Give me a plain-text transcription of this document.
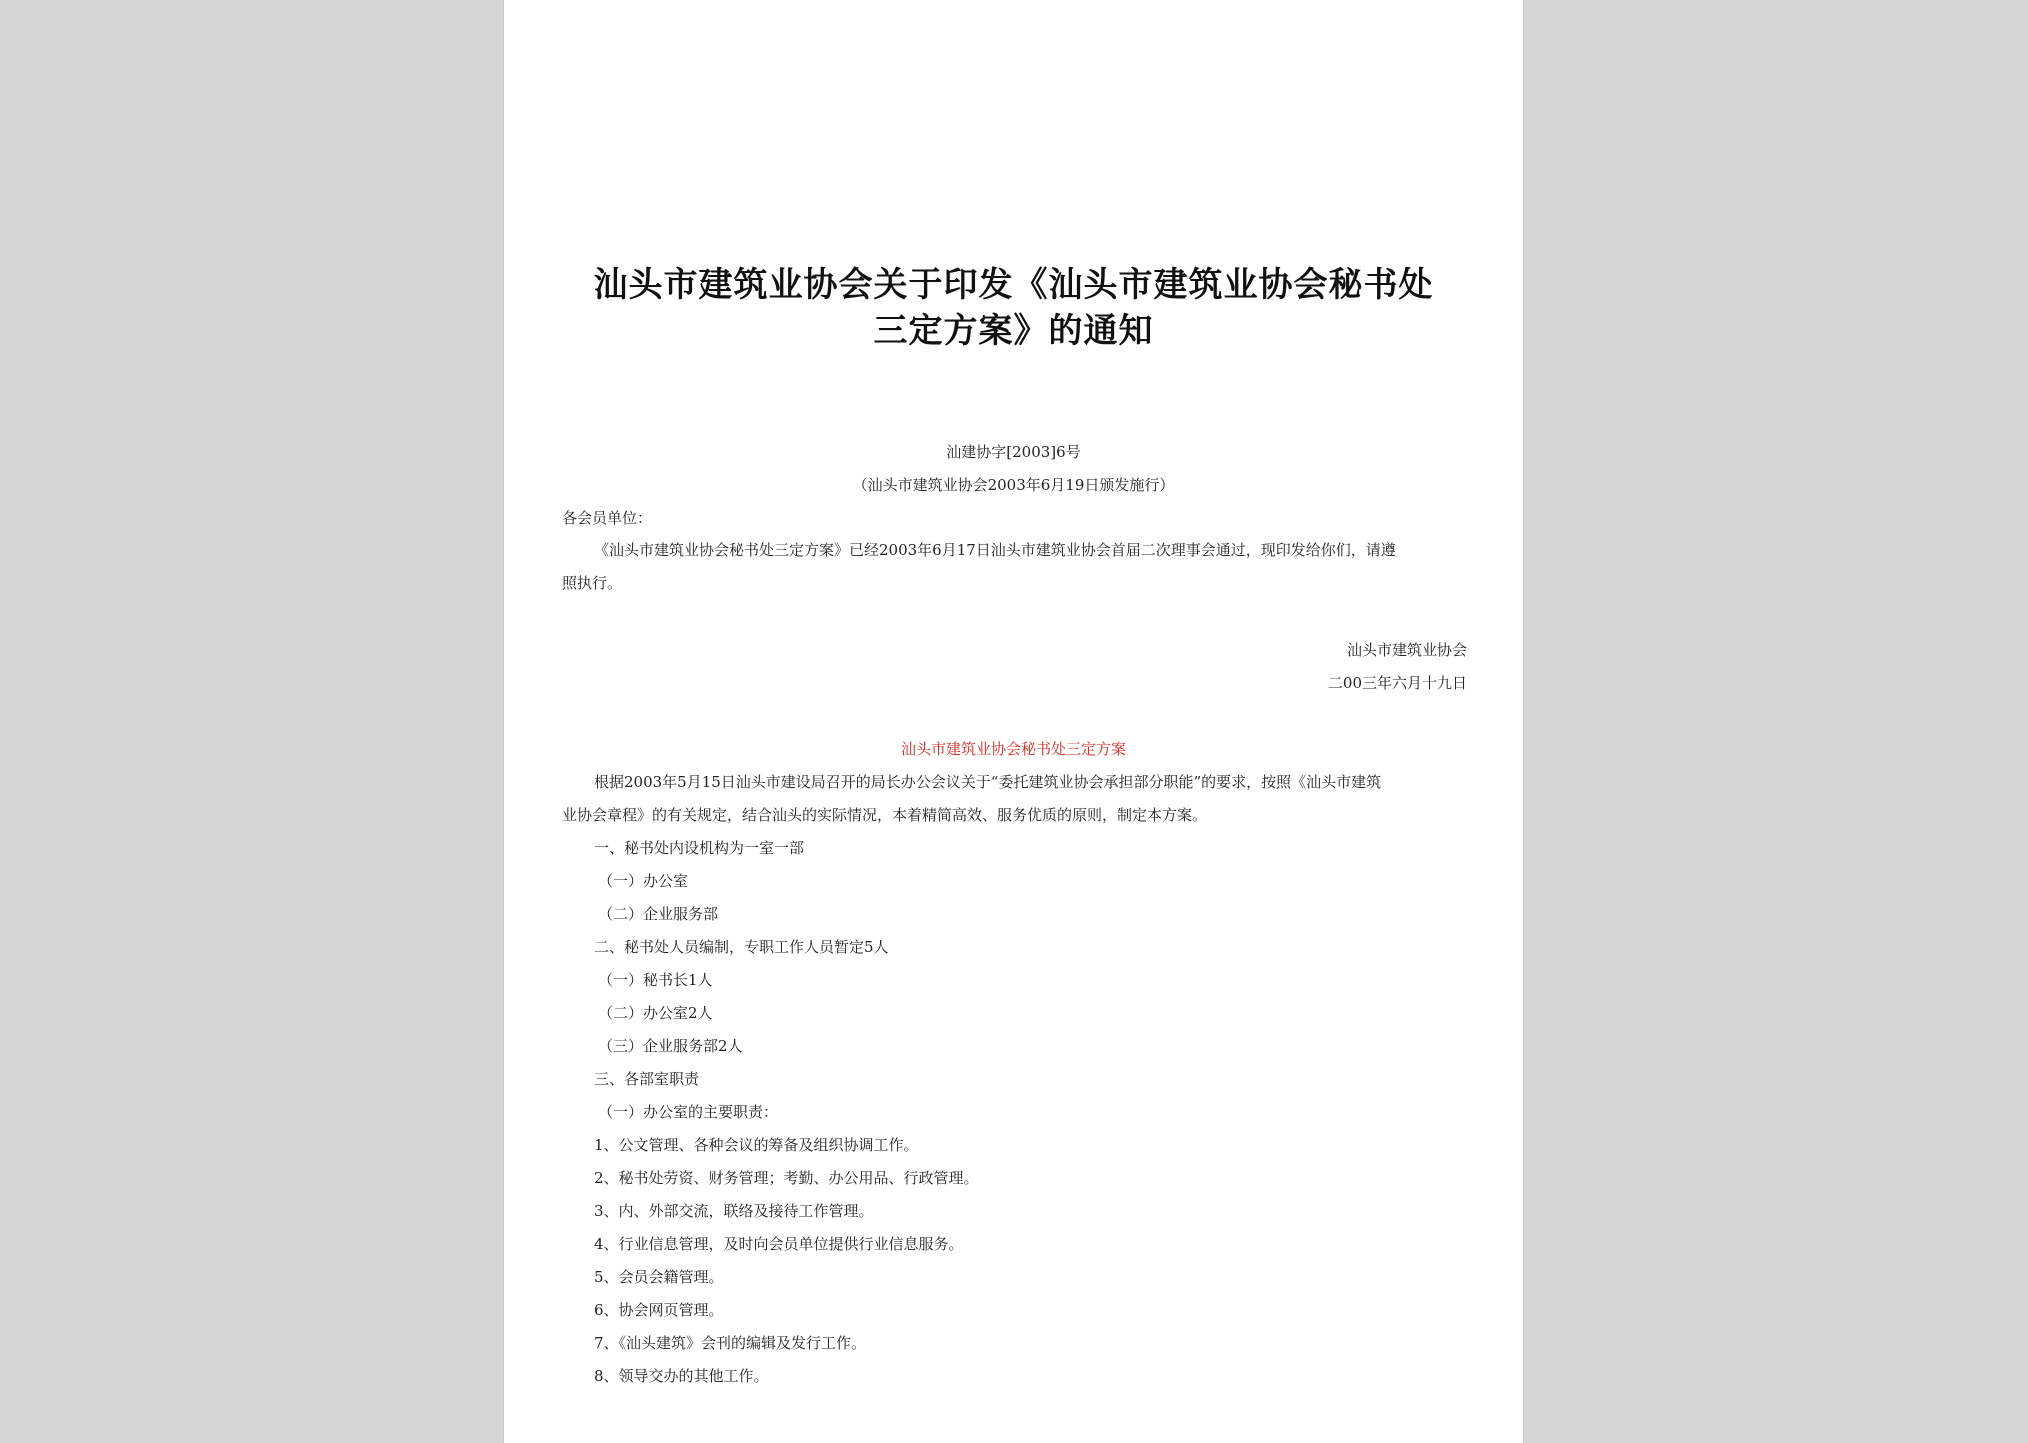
汕头市建筑业协会关于印发《汕头市建筑业协会秘书处
三定方案》的通知
汕建协字[2003]6号
（汕头市建筑业协会2003年6月19日颁发施行）
各会员单位：
《汕头市建筑业协会秘书处三定方案》已经2003年6月17日汕头市建筑业协会首届二次理事会通过，现印发给你们，请遵
照执行。
汕头市建筑业协会
二00三年六月十九日
汕头市建筑业协会秘书处三定方案
根据2003年5月15日汕头市建设局召开的局长办公会议关于“委托建筑业协会承担部分职能”的要求，按照《汕头市建筑
业协会章程》的有关规定，结合汕头的实际情况，本着精简高效、服务优质的原则，制定本方案。
一、秘书处内设机构为一室一部
（一）办公室
（二）企业服务部
二、秘书处人员编制，专职工作人员暂定5人
（一）秘书长1人
（二）办公室2人
（三）企业服务部2人
三、各部室职责
（一）办公室的主要职责：
1、公文管理、各种会议的筹备及组织协调工作。
2、秘书处劳资、财务管理；考勤、办公用品、行政管理。
3、内、外部交流，联络及接待工作管理。
4、行业信息管理，及时向会员单位提供行业信息服务。
5、会员会籍管理。
6、协会网页管理。
7、《汕头建筑》会刊的编辑及发行工作。
8、领导交办的其他工作。
